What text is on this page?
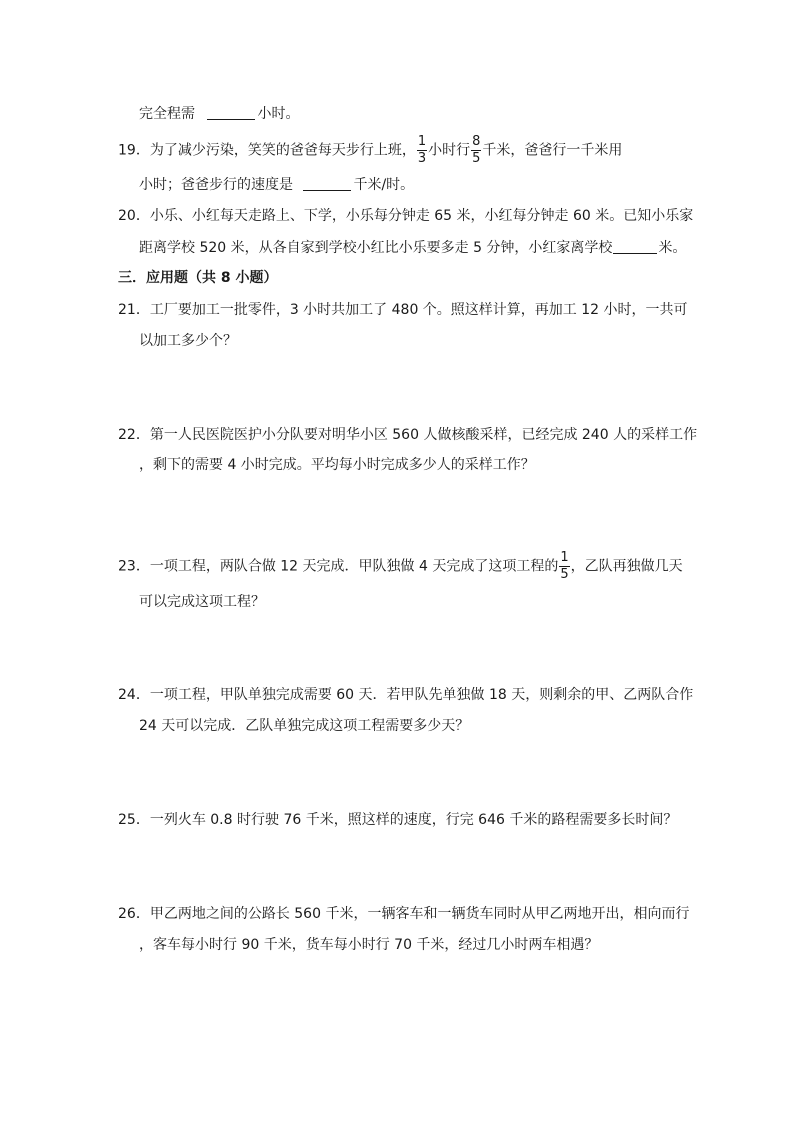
完全程需	小时。
19．为了减少污染，笑笑的爸爸每天步行上班， $\frac{1}{3}$ 小时行 $\frac{8}{5}$ 千米，爸爸行一千米用
小时；爸爸步行的速度是	千米/时。
20．小乐、小红每天走路上、下学，小乐每分钟走 65 米，小红每分钟走 60 米。已知小乐家
距离学校 520 米，从各自家到学校小红比小乐要多走 5 分钟，小红家离学校	米。
三．应用题（共 8 小题）
21．工厂要加工一批零件，3 小时共加工了 480 个。照这样计算，再加工 12 小时，一共可
以加工多少个？
22．第一人民医院医护小分队要对明华小区 560 人做核酸采样，已经完成 240 人的采样工作
，剩下的需要 4 小时完成。平均每小时完成多少人的采样工作？
23．一项工程，两队合做 12 天完成．甲队独做 4 天完成了这项工程的 $\frac{1}{5}$ ，乙队再独做几天
可以完成这项工程？
24．一项工程，甲队单独完成需要 60 天．若甲队先单独做 18 天，则剩余的甲、乙两队合作
24 天可以完成．乙队单独完成这项工程需要多少天？
25．一列火车 0.8 时行驶 76 千米，照这样的速度，行完 646 千米的路程需要多长时间？
26．甲乙两地之间的公路长 560 千米，一辆客车和一辆货车同时从甲乙两地开出，相向而行
，客车每小时行 90 千米，货车每小时行 70 千米，经过几小时两车相遇？
